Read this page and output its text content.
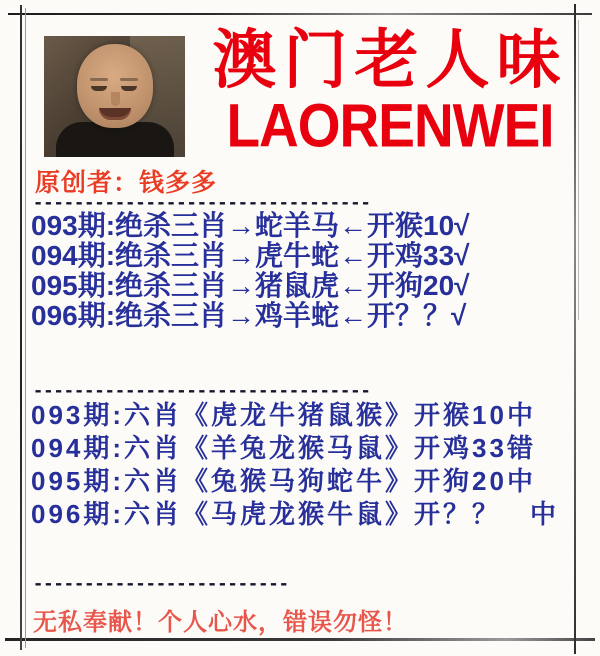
澳门老人味
LAORENWEI
原创者：钱多多
---------------------------------
093期:绝杀三肖→蛇羊马←开猴10√
094期:绝杀三肖→虎牛蛇←开鸡33√
095期:绝杀三肖→猪鼠虎←开狗20√
096期:绝杀三肖→鸡羊蛇←开？？√
---------------------------------
093期:六肖《虎龙牛猪鼠猴》开猴10中
094期:六肖《羊兔龙猴马鼠》开鸡33错
095期:六肖《兔猴马狗蛇牛》开狗20中
096期:六肖《马虎龙猴牛鼠》开？？　中
-------------------------
无私奉献！个人心水，错误勿怪！
